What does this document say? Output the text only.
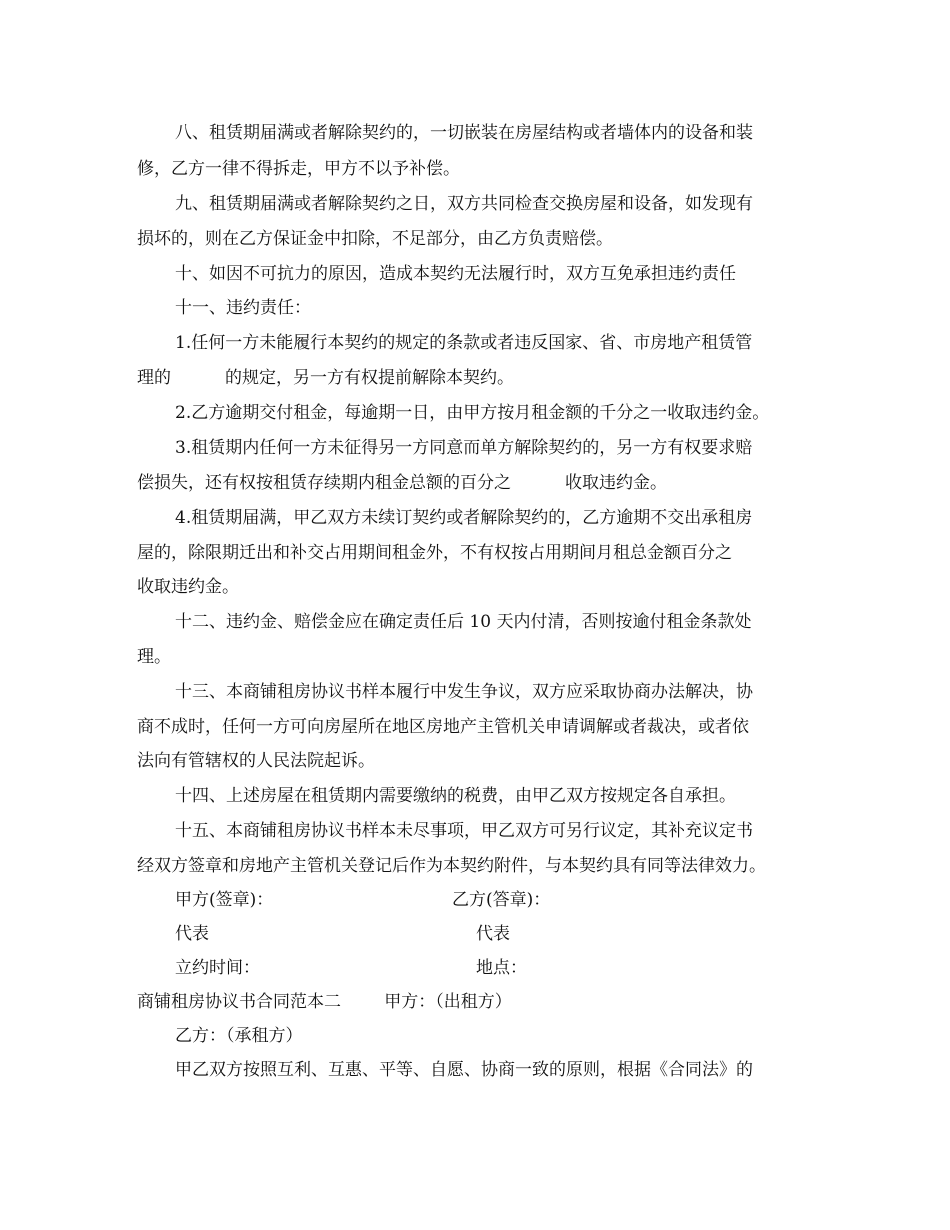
八、租赁期届满或者解除契约的，一切嵌装在房屋结构或者墙体内的设备和装
修，乙方一律不得拆走，甲方不以予补偿。
九、租赁期届满或者解除契约之日，双方共同检查交换房屋和设备，如发现有
损坏的，则在乙方保证金中扣除，不足部分，由乙方负责赔偿。
十、如因不可抗力的原因，造成本契约无法履行时，双方互免承担违约责任
十一、违约责任：
1.任何一方未能履行本契约的规定的条款或者违反国家、省、市房地产租赁管
理的          的规定，另一方有权提前解除本契约。
2.乙方逾期交付租金，每逾期一日，由甲方按月租金额的千分之一收取违约金。
3.租赁期内任何一方未征得另一方同意而单方解除契约的，另一方有权要求赔
偿损失，还有权按租赁存续期内租金总额的百分之          收取违约金。
4.租赁期届满，甲乙双方未续订契约或者解除契约的，乙方逾期不交出承租房
屋的，除限期迁出和补交占用期间租金外，不有权按占用期间月租总金额百分之
收取违约金。
十二、违约金、赔偿金应在确定责任后 10 天内付清，否则按逾付租金条款处
理。
十三、本商铺租房协议书样本履行中发生争议，双方应采取协商办法解决，协
商不成时，任何一方可向房屋所在地区房地产主管机关申请调解或者裁决，或者依
法向有管辖权的人民法院起诉。
十四、上述房屋在租赁期内需要缴纳的税费，由甲乙双方按规定各自承担。
十五、本商铺租房协议书样本未尽事项，甲乙双方可另行议定，其补充议定书
经双方签章和房地产主管机关登记后作为本契约附件，与本契约具有同等法律效力。
甲方(签章)：	乙方(答章)：
代表	代表
立约时间：	地点：
商铺租房协议书合同范本二        甲方：（出租方）
乙方：（承租方）
甲乙双方按照互利、互惠、平等、自愿、协商一致的原则，根据《合同法》的
